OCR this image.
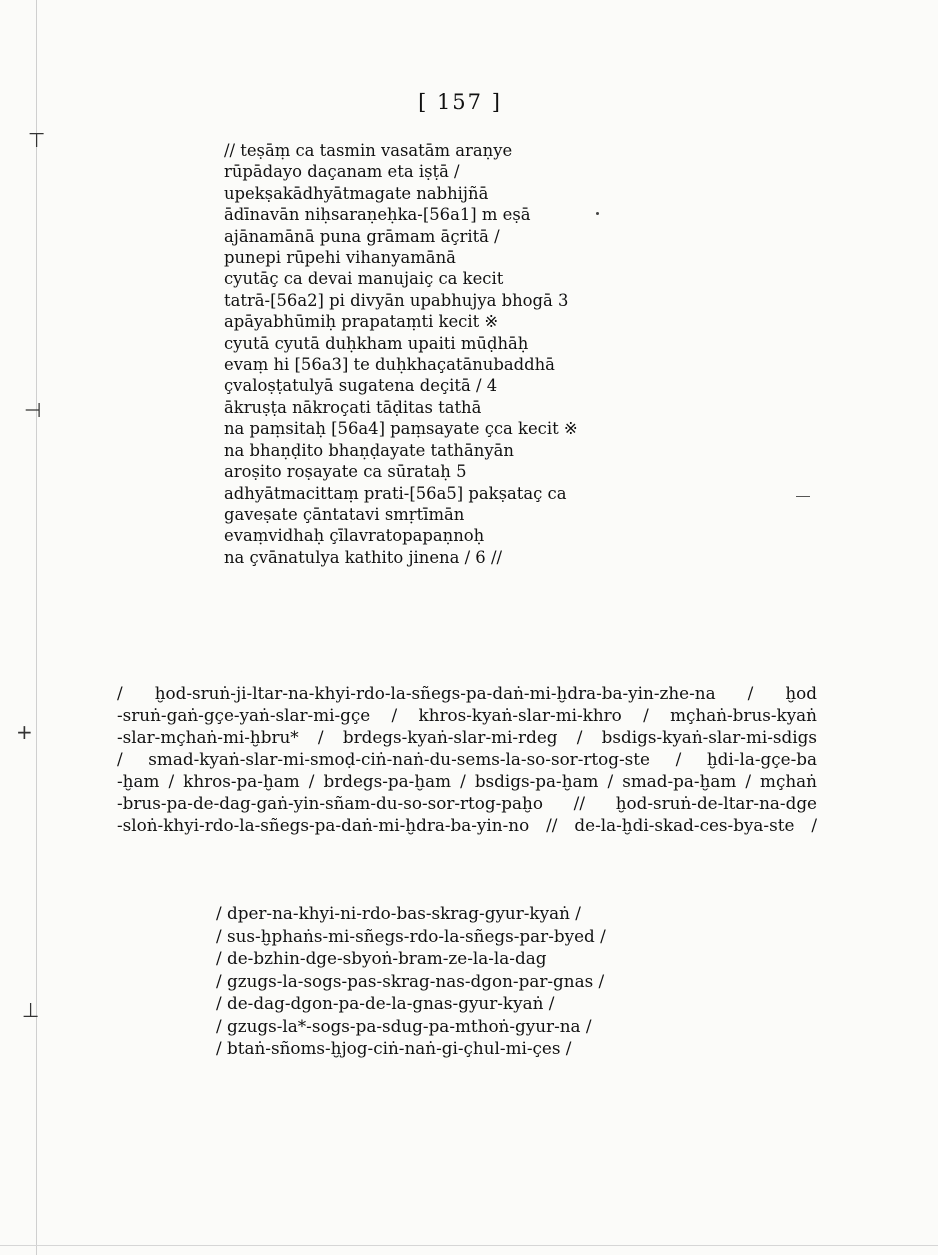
⊤
⊣
+
⊥
[ 157 ]
// teṣāṃ ca tasmin vasatām araṇye
rūpādayo daçanam eta iṣṭā /
upekṣakādhyātmagate nabhijñā
ādīnavān niḥsaraṇeḥka-[56a1] m eṣā
ajānamānā puna grāmam āçritā /
punepi rūpehi vihanyamānā
cyutāç ca devai manujaiç ca kecit
tatrā-[56a2] pi divyān upabhujya bhogā 3
apāyabhūmiḥ prapataṃti kecit ※
cyutā cyutā duḥkham upaiti mūḍhāḥ
evaṃ hi [56a3] te duḥkhaçatānubaddhā
çvaloṣṭatulyā sugatena deçitā / 4
ākruṣṭa nākroçati tāḍitas tathā
na paṃsitaḥ [56a4] paṃsayate çca kecit ※
na bhaṇḍito bhaṇḍayate tathānyān
aroṣito roṣayate ca sūrataḥ 5
adhyātmacittaṃ prati-[56a5] pakṣataç ca
gaveṣate çāntatavi smṛtīmān
evaṃvidhaḥ çīlavratopapaṇnoḥ
na çvānatulya kathito jinena / 6 //
/ ḫod-sruṅ-ji-ltar-na-khyi-rdo-la-sñegs-pa-daṅ-mi-ḫdra-ba-yin-zhe-na / ḫod
-sruṅ-gaṅ-gçe-yaṅ-slar-mi-gçe / khros-kyaṅ-slar-mi-khro / mçhaṅ-brus-kyaṅ
-slar-mçhaṅ-mi-ḫbru* / brdegs-kyaṅ-slar-mi-rdeg / bsdigs-kyaṅ-slar-mi-sdigs
/ smad-kyaṅ-slar-mi-smoḍ-ciṅ-naṅ-du-sems-la-so-sor-rtog-ste / ḫdi-la-gçe-ba
-ḫam / khros-pa-ḫam / brdegs-pa-ḫam / bsdigs-pa-ḫam / smad-pa-ḫam / mçhaṅ
-brus-pa-de-dag-gaṅ-yin-sñam-du-so-sor-rtog-paḫo // ḫod-sruṅ-de-ltar-na-dge
-sloṅ-khyi-rdo-la-sñegs-pa-daṅ-mi-ḫdra-ba-yin-no // de-la-ḫdi-skad-ces-bya-ste /
/ dper-na-khyi-ni-rdo-bas-skrag-gyur-kyaṅ /
/ sus-ḫphaṅs-mi-sñegs-rdo-la-sñegs-par-byed /
/ de-bzhin-dge-sbyoṅ-bram-ze-la-la-dag
/ gzugs-la-sogs-pas-skrag-nas-dgon-par-gnas /
/ de-dag-dgon-pa-de-la-gnas-gyur-kyaṅ /
/ gzugs-la*-sogs-pa-sdug-pa-mthoṅ-gyur-na /
/ btaṅ-sñoms-ḫjog-ciṅ-naṅ-gi-çhul-mi-çes /
